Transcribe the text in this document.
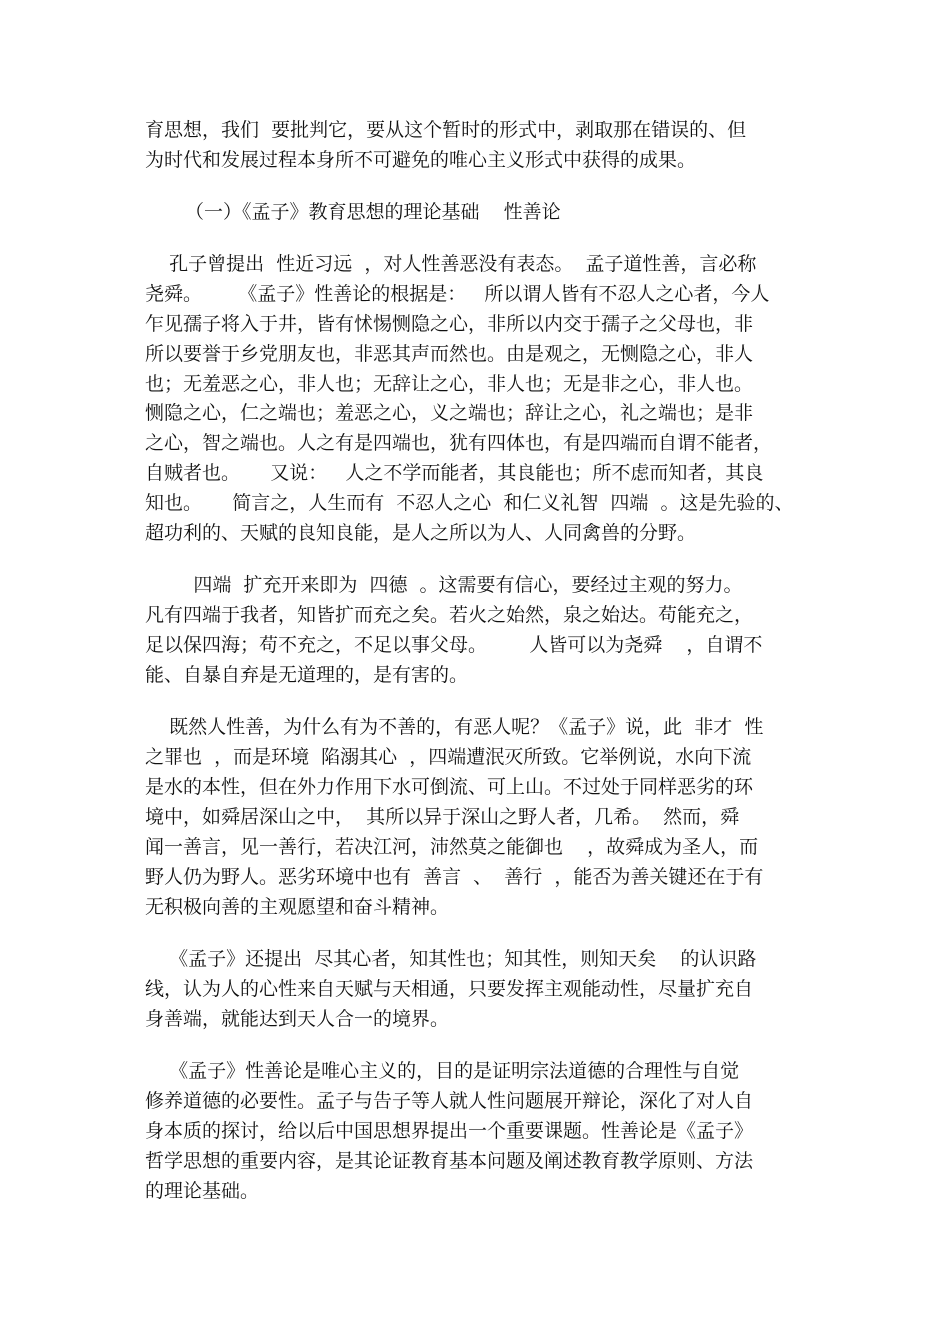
育思想，我们  要批判它，要从这个暂时的形式中，剥取那在错误的、但
为时代和发展过程本身所不可避免的唯心主义形式中获得的成果。
（一）《孟子》教育思想的理论基础    性善论
孔子曾提出  性近习远  ，对人性善恶没有表态。  孟子道性善，言必称
尧舜。      《孟子》性善论的根据是：   所以谓人皆有不忍人之心者，今人
乍见孺子将入于井，皆有怵惕恻隐之心，非所以内交于孺子之父母也，非
所以要誉于乡党朋友也，非恶其声而然也。由是观之，无恻隐之心，非人
也；无羞恶之心，非人也；无辞让之心，非人也；无是非之心，非人也。
恻隐之心，仁之端也；羞恶之心，义之端也；辞让之心，礼之端也；是非
之心，智之端也。人之有是四端也，犹有四体也，有是四端而自谓不能者，
自贼者也。     又说：   人之不学而能者，其良能也；所不虑而知者，其良
知也。     简言之，人生而有  不忍人之心  和仁义礼智  四端  。这是先验的、
超功利的、天赋的良知良能，是人之所以为人、人同禽兽的分野。
四端  扩充开来即为  四德  。这需要有信心，要经过主观的努力。
凡有四端于我者，知皆扩而充之矣。若火之始然，泉之始达。苟能充之，
足以保四海；苟不充之，不足以事父母。       人皆可以为尧舜    ，自谓不
能、自暴自弃是无道理的，是有害的。
既然人性善，为什么有为不善的，有恶人呢？《孟子》说，此  非才  性
之罪也  ，而是环境  陷溺其心  ，四端遭泯灭所致。它举例说，水向下流
是水的本性，但在外力作用下水可倒流、可上山。不过处于同样恶劣的环
境中，如舜居深山之中，  其所以异于深山之野人者，几希。  然而，舜
闻一善言，见一善行，若决江河，沛然莫之能御也    ，故舜成为圣人，而
野人仍为野人。恶劣环境中也有  善言  、  善行  ，能否为善关键还在于有
无积极向善的主观愿望和奋斗精神。
《孟子》还提出  尽其心者，知其性也；知其性，则知天矣    的认识路
线，认为人的心性来自天赋与天相通，只要发挥主观能动性，尽量扩充自
身善端，就能达到天人合一的境界。
《孟子》性善论是唯心主义的，目的是证明宗法道德的合理性与自觉
修养道德的必要性。孟子与告子等人就人性问题展开辩论，深化了对人自
身本质的探讨，给以后中国思想界提出一个重要课题。性善论是《孟子》
哲学思想的重要内容，是其论证教育基本问题及阐述教育教学原则、方法
的理论基础。
